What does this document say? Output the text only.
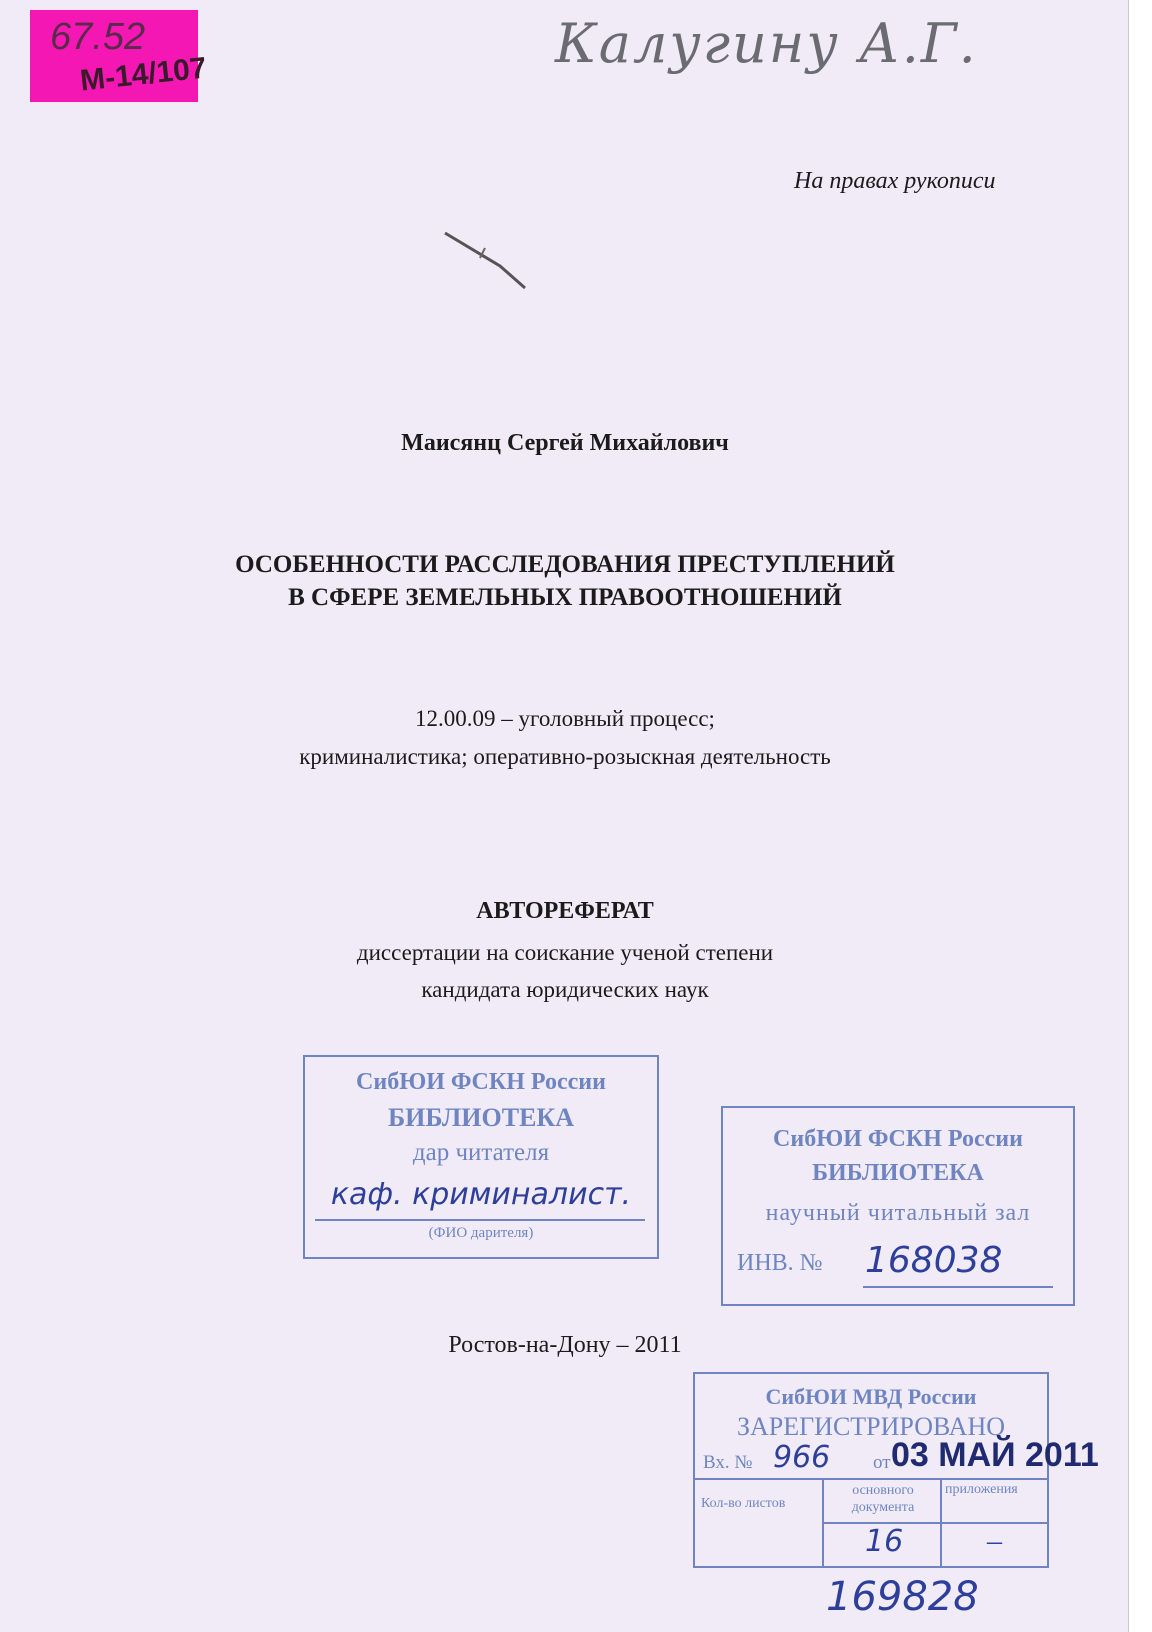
67.52
М-14/107	Калугину А.Г.
На правах рукописи
Маисянц Сергей Михайлович
ОСОБЕННОСТИ РАССЛЕДОВАНИЯ ПРЕСТУПЛЕНИЙ
В СФЕРЕ ЗЕМЕЛЬНЫХ ПРАВООТНОШЕНИЙ
12.00.09 – уголовный процесс;
криминалистика; оперативно-розыскная деятельность
АВТОРЕФЕРАТ
диссертации на соискание ученой степени
кандидата юридических наук
СибЮИ ФСКН России
БИБЛИОТЕКА
дар читателя
каф. криминалист.
(ФИО дарителя)
СибЮИ ФСКН России
БИБЛИОТЕКА
научный читальный зал
ИНВ. № 168038
Ростов-на-Дону – 2011
СибЮИ МВД России
ЗАРЕГИСТРИРОВАНО
Вх. № 966 от 03 МАЙ 2011
Кол-во листов
основного документа
приложения
16	–
169828
